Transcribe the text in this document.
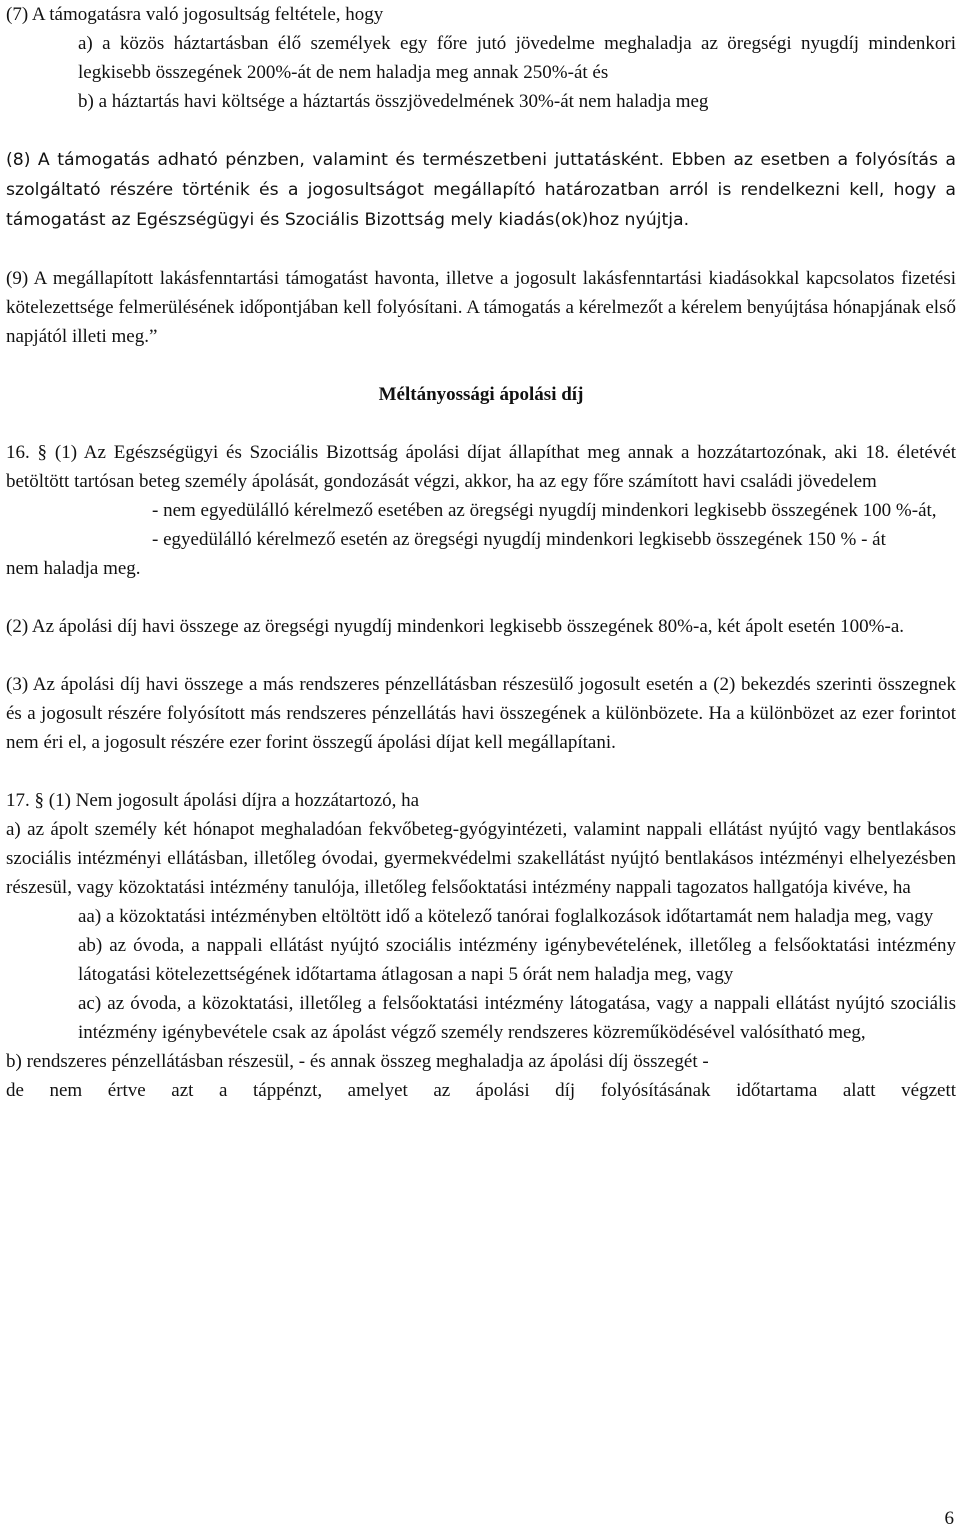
(7) A támogatásra való jogosultság feltétele, hogy

a) a közös háztartásban élő személyek egy főre jutó jövedelme meghaladja az öregségi nyugdíj mindenkori legkisebb összegének 200%-át de nem haladja meg annak 250%-át és

b) a háztartás havi költsége a háztartás összjövedelmének 30%-át nem haladja meg

(8) A támogatás adható pénzben, valamint és természetbeni juttatásként. Ebben az esetben a folyósítás a szolgáltató részére történik és a jogosultságot megállapító határozatban arról is rendelkezni kell, hogy a támogatást az Egészségügyi és Szociális Bizottság mely kiadás(ok)hoz nyújtja.

(9) A megállapított lakásfenntartási támogatást havonta, illetve a jogosult lakásfenntartási kiadásokkal kapcsolatos fizetési kötelezettsége felmerülésének időpontjában kell folyósítani. A támogatás a kérelmezőt a kérelem benyújtása hónapjának első napjától illeti meg.”

Méltányossági ápolási díj

16. § (1) Az Egészségügyi és Szociális Bizottság ápolási díjat állapíthat meg annak a hozzátartozónak, aki 18. életévét betöltött tartósan beteg személy ápolását, gondozását végzi, akkor, ha az egy főre számított havi családi jövedelem

- nem egyedülálló kérelmező esetében az öregségi nyugdíj mindenkori legkisebb összegének 100 %-át,

- egyedülálló kérelmező esetén az öregségi nyugdíj mindenkori legkisebb összegének 150 % - át

nem haladja meg.

(2) Az ápolási díj havi összege az öregségi nyugdíj mindenkori legkisebb összegének 80%-a, két ápolt esetén 100%-a.

(3) Az ápolási díj havi összege a más rendszeres pénzellátásban részesülő jogosult esetén a (2) bekezdés szerinti összegnek és a jogosult részére folyósított más rendszeres pénzellátás havi összegének a különbözete. Ha a különbözet az ezer forintot nem éri el, a jogosult részére ezer forint összegű ápolási díjat kell megállapítani.

17. § (1) Nem jogosult ápolási díjra a hozzátartozó, ha

a) az ápolt személy két hónapot meghaladóan fekvőbeteg-gyógyintézeti, valamint nappali ellátást nyújtó vagy bentlakásos szociális intézményi ellátásban, illetőleg óvodai, gyermekvédelmi szakellátást nyújtó bentlakásos intézményi elhelyezésben részesül, vagy közoktatási intézmény tanulója, illetőleg felsőoktatási intézmény nappali tagozatos hallgatója kivéve, ha

aa) a közoktatási intézményben eltöltött idő a kötelező tanórai foglalkozások időtartamát nem haladja meg, vagy

ab) az óvoda, a nappali ellátást nyújtó szociális intézmény igénybevételének, illetőleg a felsőoktatási intézmény látogatási kötelezettségének időtartama átlagosan a napi 5 órát nem haladja meg, vagy

ac) az óvoda, a közoktatási, illetőleg a felsőoktatási intézmény látogatása, vagy a nappali ellátást nyújtó szociális intézmény igénybevétele csak az ápolást végző személy rendszeres közreműködésével valósítható meg,

b) rendszeres pénzellátásban részesül, - és annak összeg meghaladja az ápolási díj összegét -

de nem értve azt a táppénzt, amelyet az ápolási díj folyósításának időtartama alatt végzett

6
